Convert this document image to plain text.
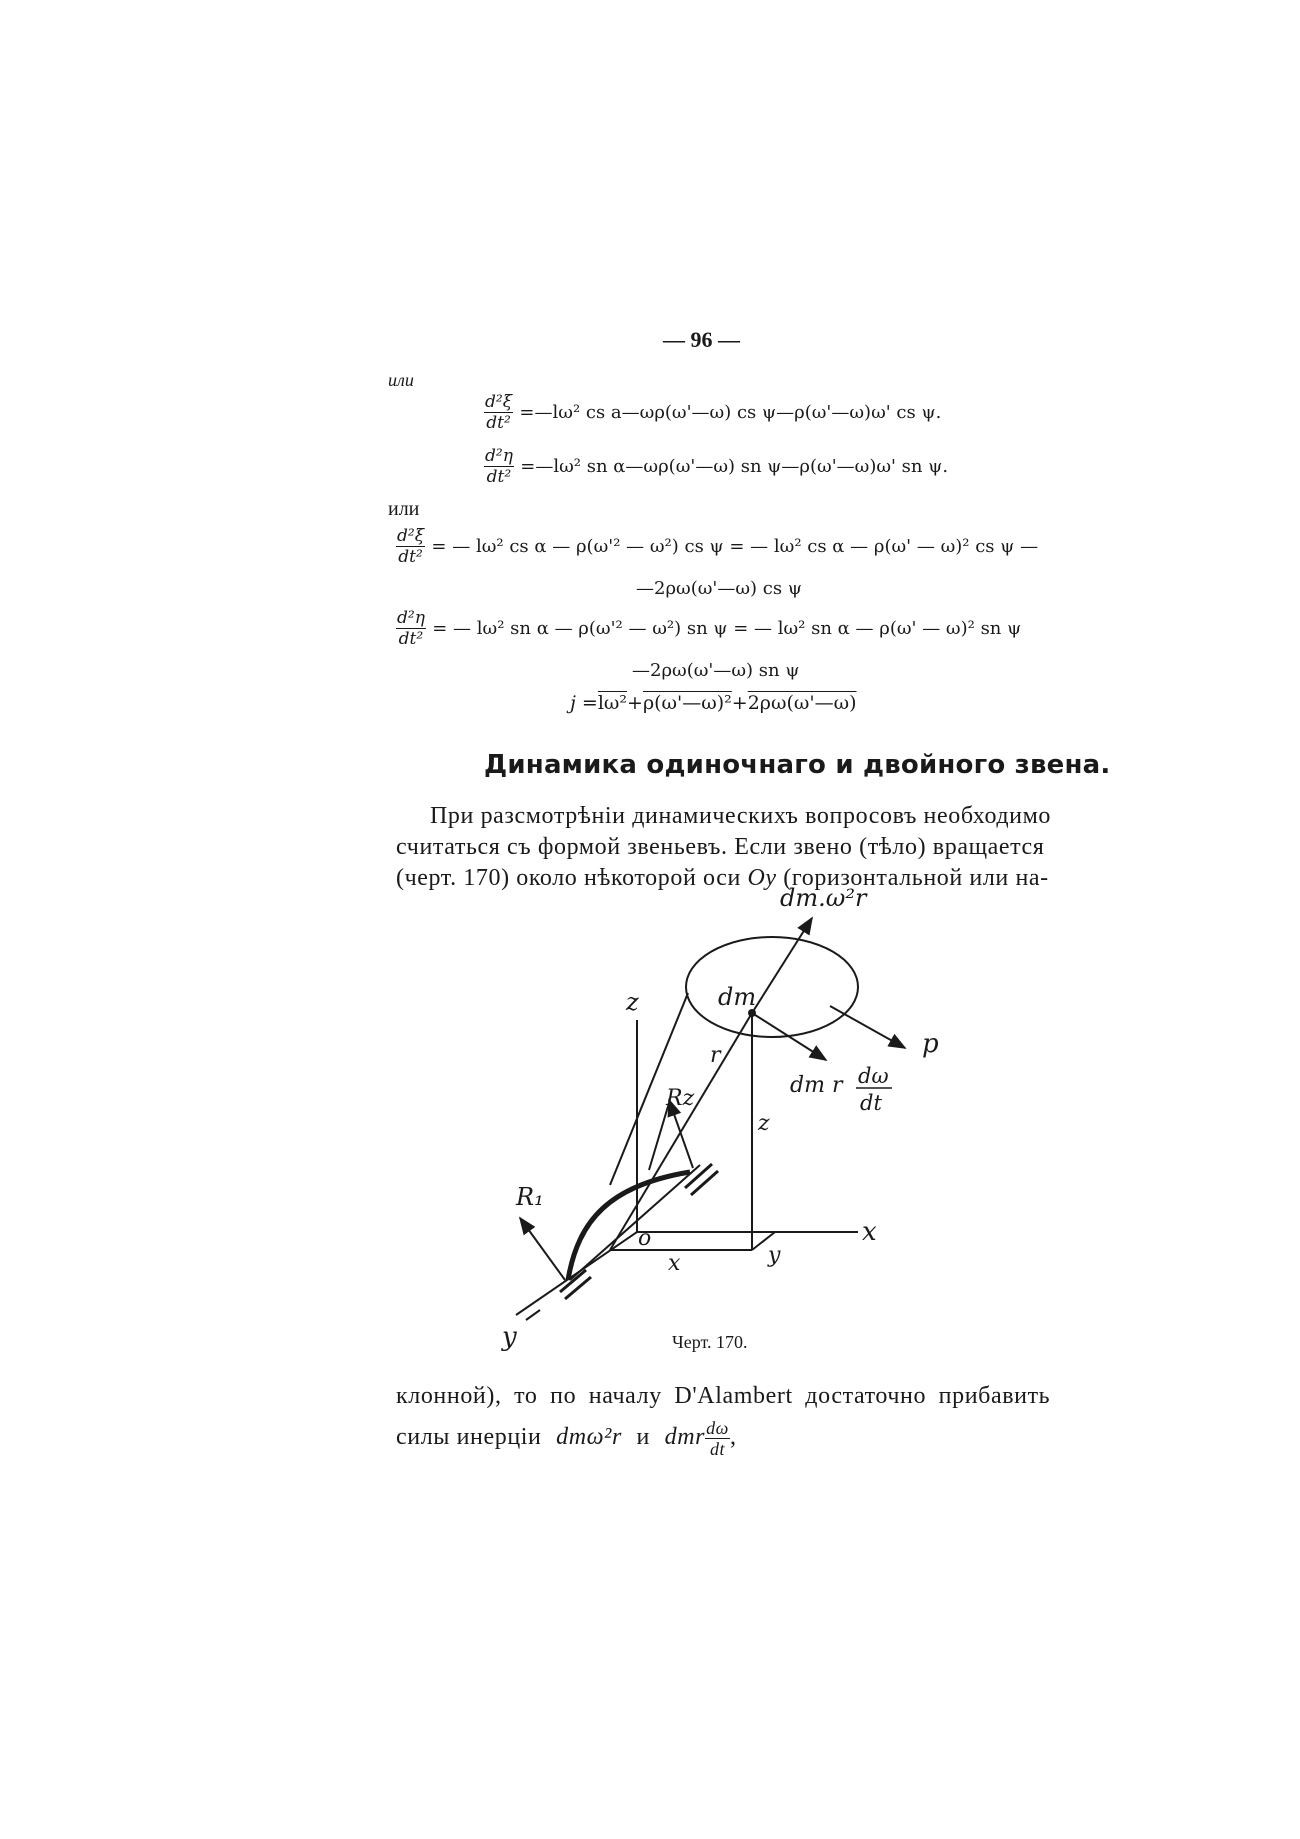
— 96 —
или
$\frac{\text{d²ξ}}{\text{dt²}}$ =—lω² cs a—ωρ(ω'—ω) cs ψ—ρ(ω'—ω)ω' cs ψ.
$\frac{\text{d²η}}{\text{dt²}}$ =—lω² sn α—ωρ(ω'—ω) sn ψ—ρ(ω'—ω)ω' sn ψ.
или
$\frac{\text{d²ξ}}{\text{dt²}}$ = — lω² cs α — ρ(ω'² — ω²) cs ψ = — lω² cs α — ρ(ω' — ω)² cs ψ —
—2ρω(ω'—ω) cs ψ
$\frac{\text{d²η}}{\text{dt²}}$ = — lω² sn α — ρ(ω'² — ω²) sn ψ = — lω² sn α — ρ(ω' — ω)² sn ψ
—2ρω(ω'—ω) sn ψ
j =lω²+ρ(ω'—ω)²+2ρω(ω'—ω)
Динамика одиночнаго и двойного звена.
При разсмотрѣніи динамическихъ вопросовъ необходимо
считаться съ формой звеньевъ. Если звено (тѣло) вращается
(черт. 170) около нѣкоторой оси Oy (горизонтальной или на-
dm.ω²r
dm
dm r dω
dt
p
z
z
r
Rz
R₁
o	x
x	y
y	Черт. 170.
клонной), то по началу D'Alambert достаточно прибавить
силы инерціи dmω²r и dmr $\frac{d\omega}{dt}$ ,
